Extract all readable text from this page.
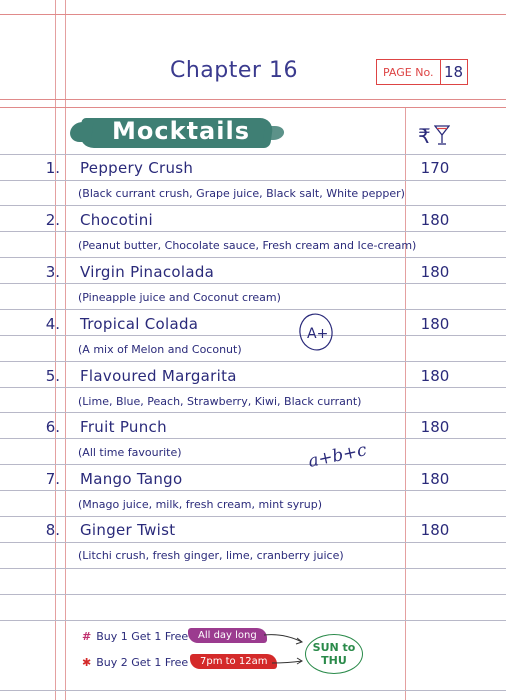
Chapter 16	PAGE No. 18
Mocktails	₹
1. Peppery Crush	170
(Black currant crush, Grape juice, Black salt, White pepper)
2. Chocotini	180
(Peanut butter, Chocolate sauce, Fresh cream and Ice-cream)
3. Virgin Pinacolada	180
(Pineapple juice and Coconut cream)
4. Tropical Colada	180
(A mix of Melon and Coconut)
5. Flavoured Margarita	180
(Lime, Blue, Peach, Strawberry, Kiwi, Black currant)
6. Fruit Punch	180
(All time favourite)
7. Mango Tango	180
(Mnago juice, milk, fresh cream, mint syrup)
8. Ginger Twist	180
(Litchi crush, fresh ginger, lime, cranberry juice)
A+
a+b+c
# Buy 1 Get 1 Free All day long
✱ Buy 2 Get 1 Free	7pm to 12am
SUN to
THU
